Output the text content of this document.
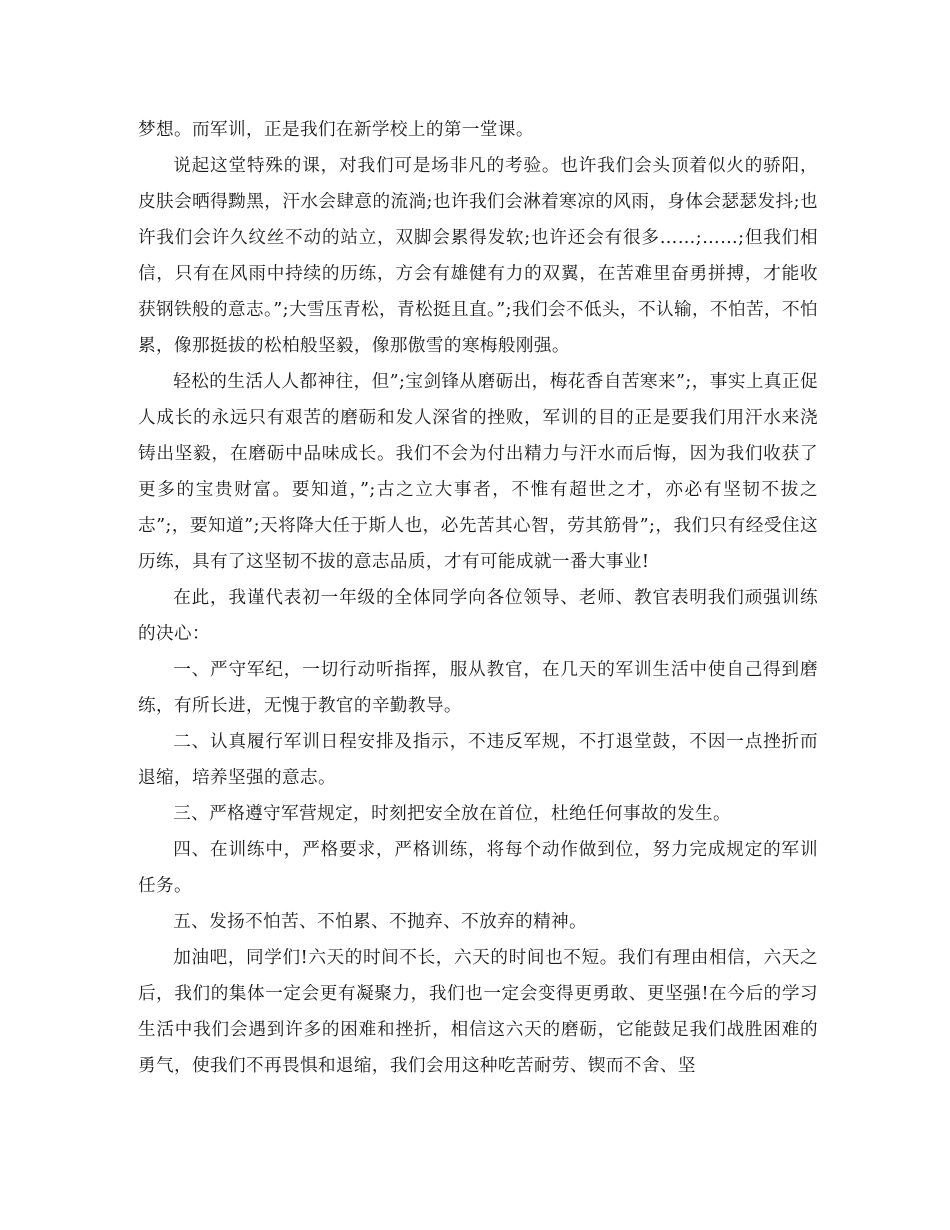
梦想。而军训，正是我们在新学校上的第一堂课。

说起这堂特殊的课，对我们可是场非凡的考验。也许我们会头顶着似火的骄阳，皮肤会晒得黝黑，汗水会肆意的流淌;也许我们会淋着寒凉的风雨，身体会瑟瑟发抖;也许我们会许久纹丝不动的站立，双脚会累得发软;也许还会有很多……;……;但我们相信，只有在风雨中持续的历练，方会有雄健有力的双翼，在苦难里奋勇拼搏，才能收获钢铁般的意志。”;大雪压青松，青松挺且直。”;我们会不低头，不认输，不怕苦，不怕累，像那挺拔的松柏般坚毅，像那傲雪的寒梅般刚强。

轻松的生活人人都神往，但”;宝剑锋从磨砺出，梅花香自苦寒来”;，事实上真正促人成长的永远只有艰苦的磨砺和发人深省的挫败，军训的目的正是要我们用汗水来浇铸出坚毅，在磨砺中品味成长。我们不会为付出精力与汗水而后悔，因为我们收获了更多的宝贵财富。要知道，”;古之立大事者，不惟有超世之才，亦必有坚韧不拔之志”;，要知道”;天将降大任于斯人也，必先苦其心智，劳其筋骨”;，我们只有经受住这历练，具有了这坚韧不拔的意志品质，才有可能成就一番大事业!

在此，我谨代表初一年级的全体同学向各位领导、老师、教官表明我们顽强训练的决心：

一、严守军纪，一切行动听指挥，服从教官，在几天的军训生活中使自己得到磨练，有所长进，无愧于教官的辛勤教导。

二、认真履行军训日程安排及指示，不违反军规，不打退堂鼓，不因一点挫折而退缩，培养坚强的意志。

三、严格遵守军营规定，时刻把安全放在首位，杜绝任何事故的发生。

四、在训练中，严格要求，严格训练，将每个动作做到位，努力完成规定的军训任务。

五、发扬不怕苦、不怕累、不抛弃、不放弃的精神。

加油吧，同学们!六天的时间不长，六天的时间也不短。我们有理由相信，六天之后，我们的集体一定会更有凝聚力，我们也一定会变得更勇敢、更坚强!在今后的学习生活中我们会遇到许多的困难和挫折，相信这六天的磨砺，它能鼓足我们战胜困难的勇气，使我们不再畏惧和退缩，我们会用这种吃苦耐劳、锲而不舍、坚
